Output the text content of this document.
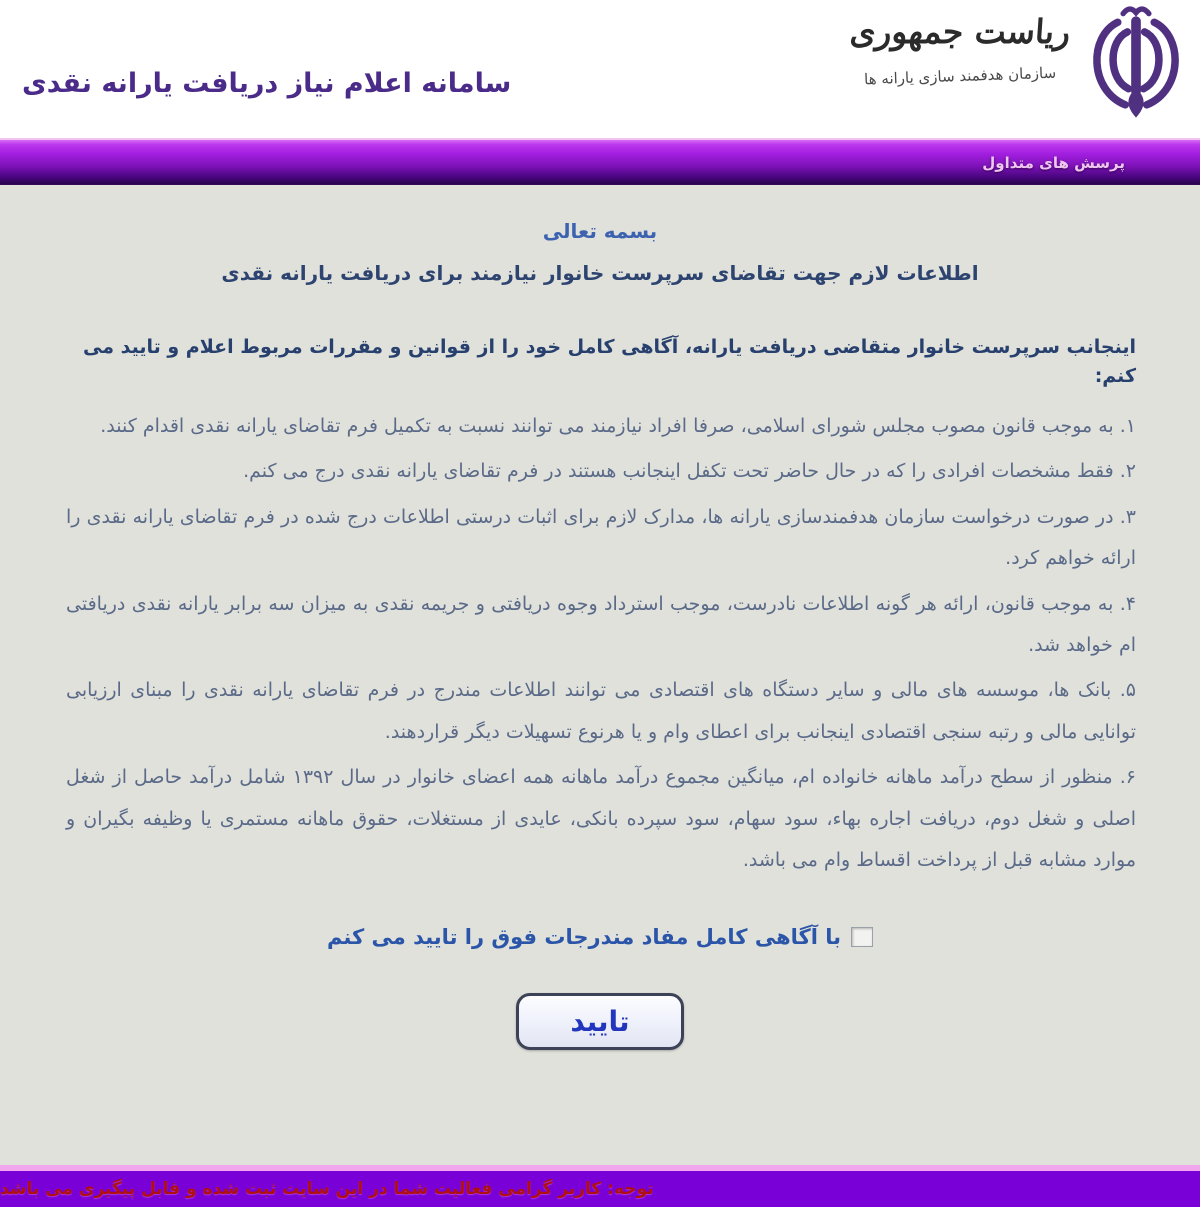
سامانه اعلام نیاز دریافت یارانه نقدی
ریاست جمهوری
سازمان هدفمند سازی یارانه ها
پرسش های متداول
بسمه تعالی
اطلاعات لازم جهت تقاضای سرپرست خانوار نیازمند برای دریافت یارانه نقدی
اینجانب سرپرست خانوار متقاضی دریافت یارانه، آگاهی کامل خود را از قوانین و مقررات مربوط اعلام و تایید می کنم:
۱. به موجب قانون مصوب مجلس شورای اسلامی، صرفا افراد نیازمند می توانند نسبت به تکمیل فرم تقاضای یارانه نقدی اقدام کنند.
۲. فقط مشخصات افرادی را که در حال حاضر تحت تکفل اینجانب هستند در فرم تقاضای یارانه نقدی درج می کنم.
۳. در صورت درخواست سازمان هدفمندسازی یارانه ها، مدارک لازم برای اثبات درستی اطلاعات درج شده در فرم تقاضای یارانه نقدی را ارائه خواهم کرد.
۴. به موجب قانون، ارائه هر گونه اطلاعات نادرست، موجب استرداد وجوه دریافتی و جریمه نقدی به میزان سه برابر یارانه نقدی دریافتی ام خواهد شد.
۵. بانک ها، موسسه های مالی و سایر دستگاه های اقتصادی می توانند اطلاعات مندرج در فرم تقاضای یارانه نقدی را مبنای ارزیابی توانایی مالی و رتبه سنجی اقتصادی اینجانب برای اعطای وام و یا هرنوع تسهیلات دیگر قراردهند.
۶. منظور از سطح درآمد ماهانه خانواده ام، میانگین مجموع درآمد ماهانه همه اعضای خانوار در سال ۱۳۹۲ شامل درآمد حاصل از شغل اصلی و شغل دوم، دریافت اجاره بهاء، سود سهام، سود سپرده بانکی، عایدی از مستغلات، حقوق ماهانه مستمری یا وظیفه بگیران و موارد مشابه قبل از پرداخت اقساط وام می باشد.
با آگاهی کامل مفاد مندرجات فوق را تایید می کنم
تایید
توجه: کاربر گرامی فعالیت شما در این سایت ثبت شده و قابل پیگیری می باشد
